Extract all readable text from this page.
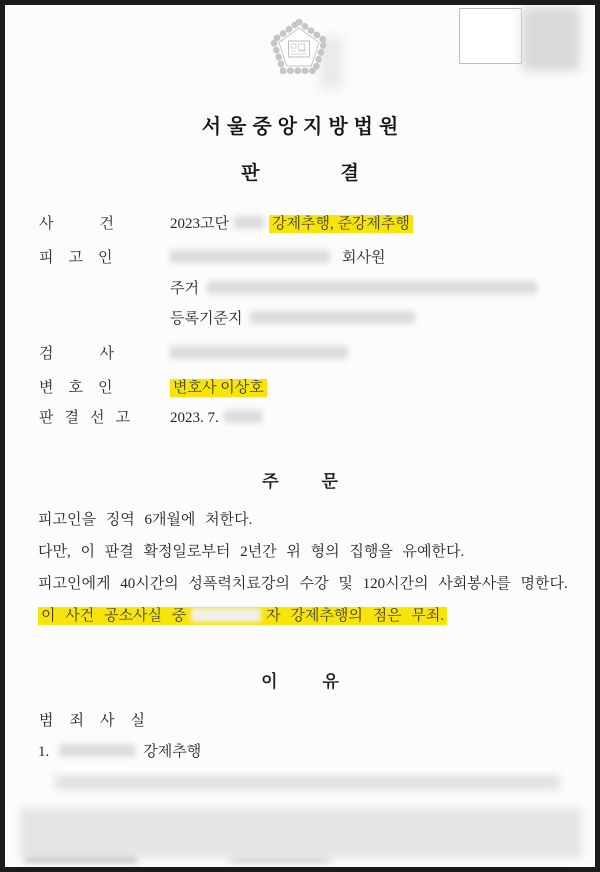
서울중앙지방법원
판결
사건 2023고단	강제추행, 준강제추행
피고인	회사원
주거
등록기준지
검사
변호인	변호사 이상호
판결선고 2023. 7.
주문
피고인을 징역 6개월에 처한다.
다만, 이 판결 확정일로부터 2년간 위 형의 집행을 유예한다.
피고인에게 40시간의 성폭력치료강의 수강 및 120시간의 사회봉사를 명한다.
이 사건 공소사실 중	자 강제추행의 점은 무죄.
이유
범죄사실
1.	강제추행
